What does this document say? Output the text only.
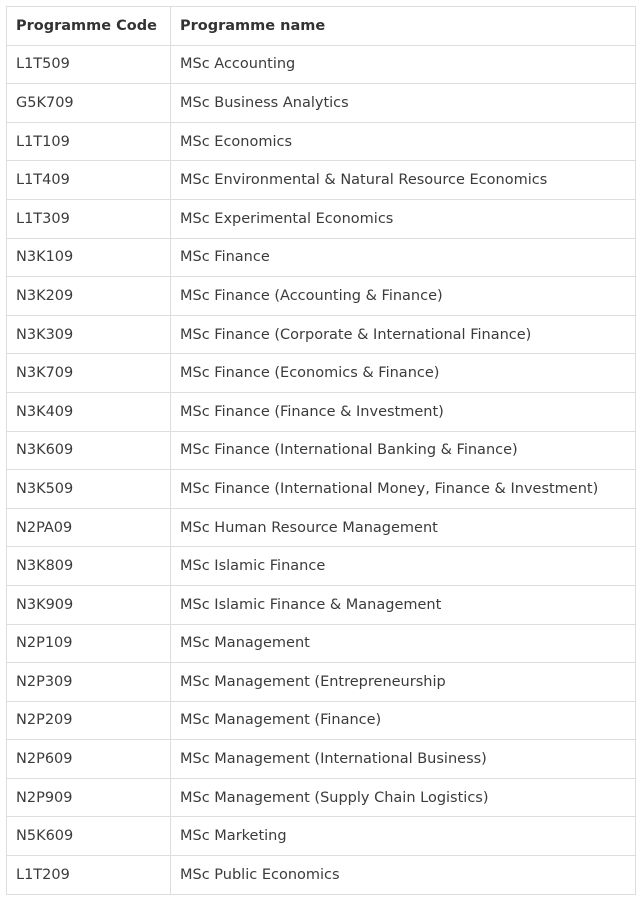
Programme Code	Programme name
L1T509	MSc Accounting
G5K709	MSc Business Analytics
L1T109	MSc Economics
L1T409	MSc Environmental & Natural Resource Economics
L1T309	MSc Experimental Economics
N3K109	MSc Finance
N3K209	MSc Finance (Accounting & Finance)
N3K309	MSc Finance (Corporate & International Finance)
N3K709	MSc Finance (Economics & Finance)
N3K409	MSc Finance (Finance & Investment)
N3K609	MSc Finance (International Banking & Finance)
N3K509	MSc Finance (International Money, Finance & Investment)
N2PA09	MSc Human Resource Management
N3K809	MSc Islamic Finance
N3K909	MSc Islamic Finance & Management
N2P109	MSc Management
N2P309	MSc Management (Entrepreneurship
N2P209	MSc Management (Finance)
N2P609	MSc Management (International Business)
N2P909	MSc Management (Supply Chain Logistics)
N5K609	MSc Marketing
L1T209	MSc Public Economics
